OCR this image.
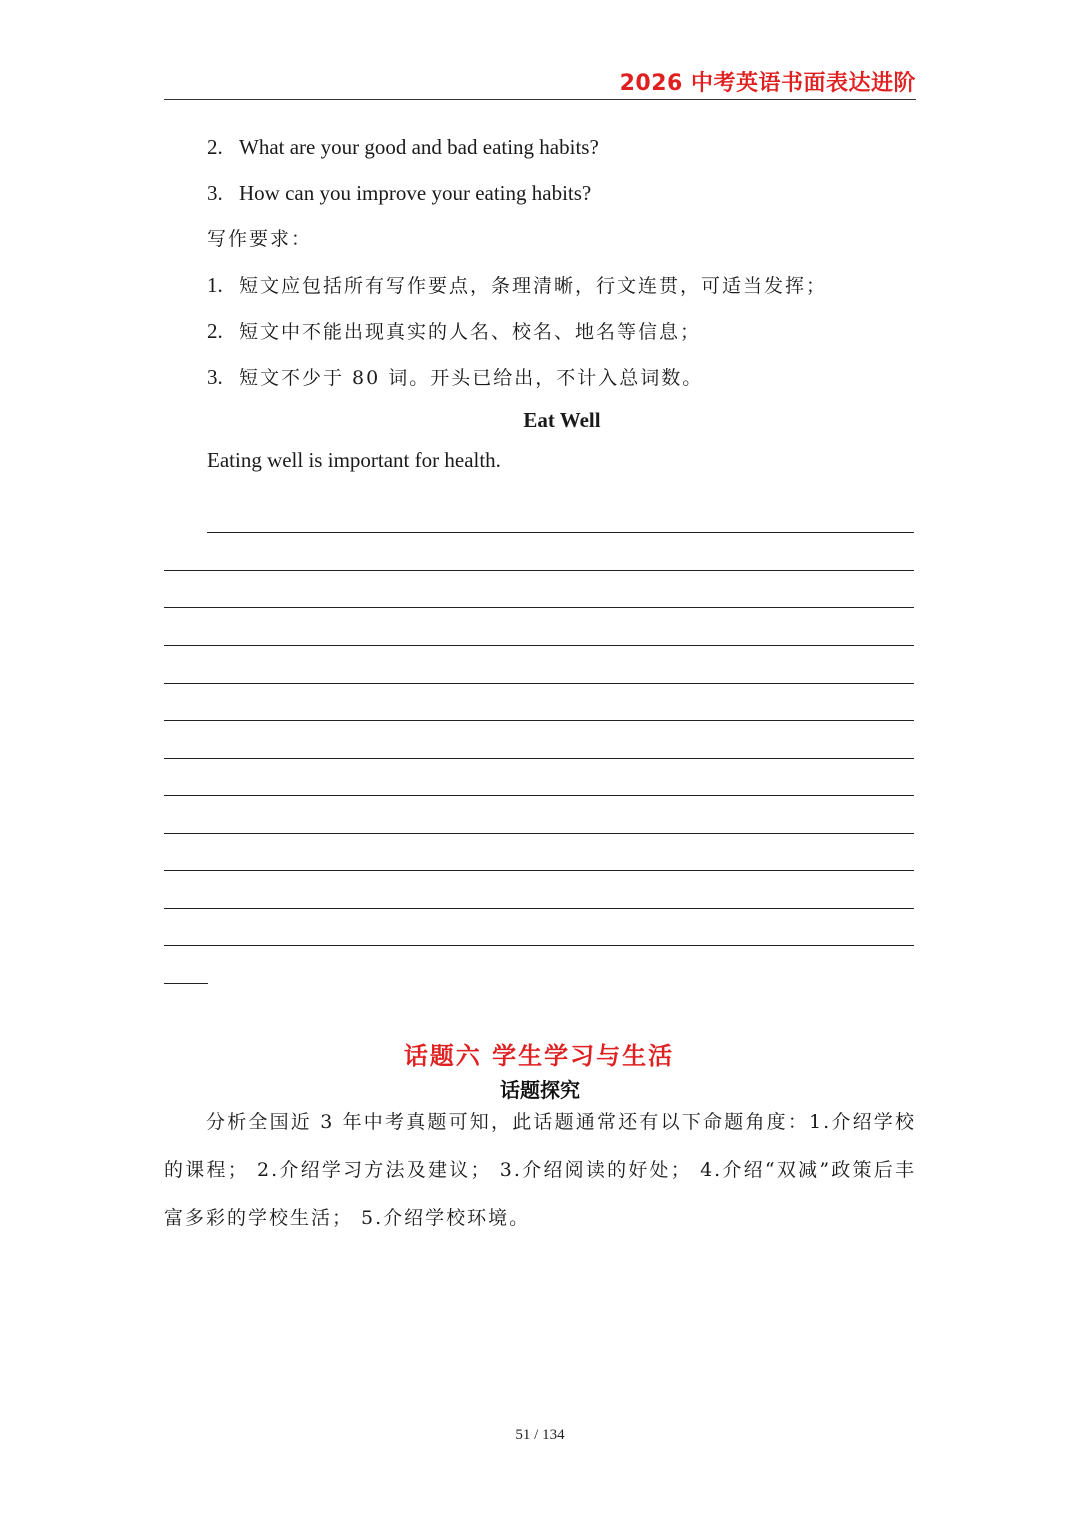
2026 中考英语书面表达进阶
2. What are your good and bad eating habits?
3. How can you improve your eating habits?
写作要求：
1. 短文应包括所有写作要点，条理清晰，行文连贯，可适当发挥；
2. 短文中不能出现真实的人名、校名、地名等信息；
3. 短文不少于 80 词。开头已给出，不计入总词数。
Eat Well
Eating well is important for health.
话题六 学生学习与生活
话题探究
分析全国近 3 年中考真题可知，此话题通常还有以下命题角度：1.介绍学校的课程； 2.介绍学习方法及建议； 3.介绍阅读的好处； 4.介绍“双减”政策后丰富多彩的学校生活； 5.介绍学校环境。
51 / 134
